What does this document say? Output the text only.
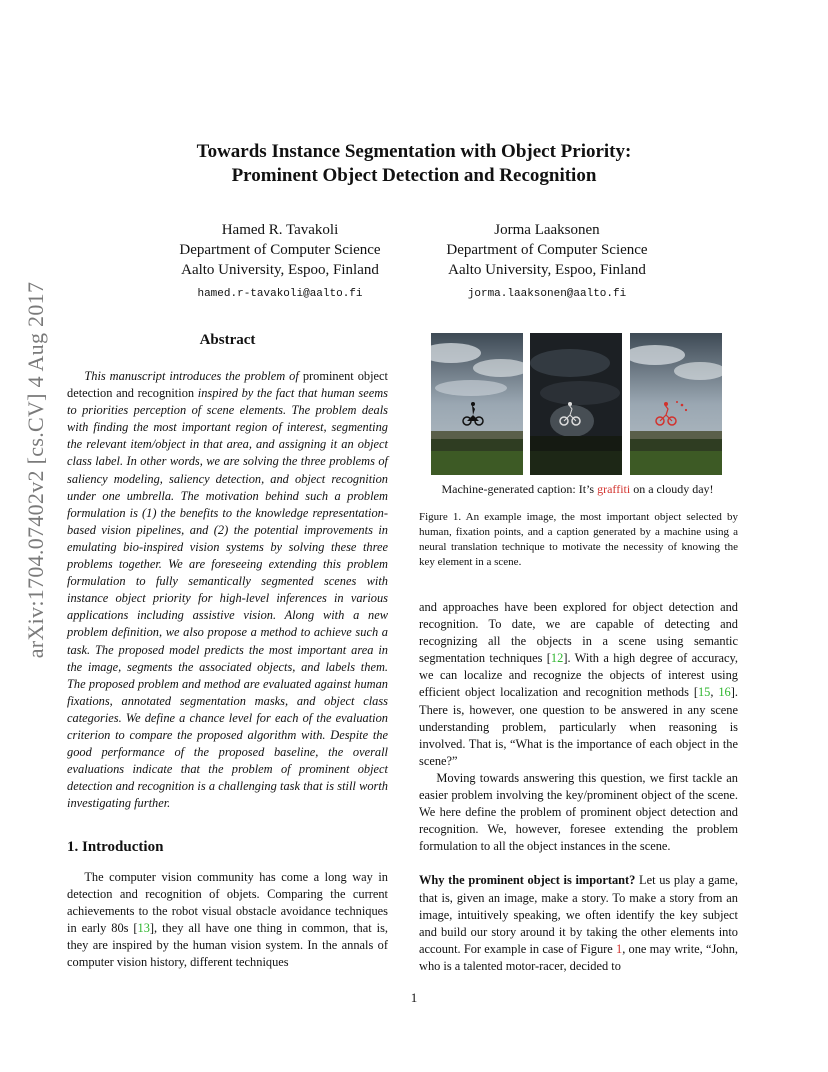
arXiv:1704.07402v2 [cs.CV] 4 Aug 2017
Towards Instance Segmentation with Object Priority:
Prominent Object Detection and Recognition
Hamed R. Tavakoli
Department of Computer Science
Aalto University, Espoo, Finland
hamed.r-tavakoli@aalto.fi
Jorma Laaksonen
Department of Computer Science
Aalto University, Espoo, Finland
jorma.laaksonen@aalto.fi
Abstract

This manuscript introduces the problem of prominent object detection and recognition inspired by the fact that human seems to priorities perception of scene elements. The problem deals with finding the most important region of interest, segmenting the relevant item/object in that area, and assigning it an object class label. In other words, we are solving the three problems of saliency modeling, saliency detection, and object recognition under one umbrella. The motivation behind such a problem formulation is (1) the benefits to the knowledge representation-based vision pipelines, and (2) the potential improvements in emulating bio-inspired vision systems by solving these three problems together. We are foreseeing extending this problem formulation to fully semantically segmented scenes with instance object priority for high-level inferences in various applications including assistive vision. Along with a new problem definition, we also propose a method to achieve such a task. The proposed model predicts the most important area in the image, segments the associated objects, and labels them. The proposed problem and method are evaluated against human fixations, annotated segmentation masks, and object class categories. We define a chance level for each of the evaluation criterion to compare the proposed algorithm with. Despite the good performance of the proposed baseline, the overall evaluations indicate that the problem of prominent object detection and recognition is a challenging task that is still worth investigating further.

1. Introduction

The computer vision community has come a long way in detection and recognition of objets. Comparing the current achievements to the robot visual obstacle avoidance techniques in early 80s [13], they all have one thing in common, that is, they are inspired by the human vision system. In the annals of computer vision history, different techniques

Machine-generated caption: It’s graffiti on a cloudy day!
Figure 1. An example image, the most important object selected by human, fixation points, and a caption generated by a machine using a neural translation technique to motivate the necessity of knowing the key element in a scene.

and approaches have been explored for object detection and recognition. To date, we are capable of detecting and recognizing all the objects in a scene using semantic segmentation techniques [12]. With a high degree of accuracy, we can localize and recognize the objects of interest using efficient object localization and recognition methods [15, 16]. There is, however, one question to be answered in any scene understanding problem, particularly when reasoning is involved. That is, “What is the importance of each object in the scene?”

Moving towards answering this question, we first tackle an easier problem involving the key/prominent object of the scene. We here define the problem of prominent object detection and recognition. We, however, foresee extending the problem formulation to all the object instances in the scene.

Why the prominent object is important? Let us play a game, that is, given an image, make a story. To make a story from an image, intuitively speaking, we often identify the key subject and build our story around it by taking the other elements into account. For example in case of Figure 1, one may write, “John, who is a talented motor-racer, decided to

1
